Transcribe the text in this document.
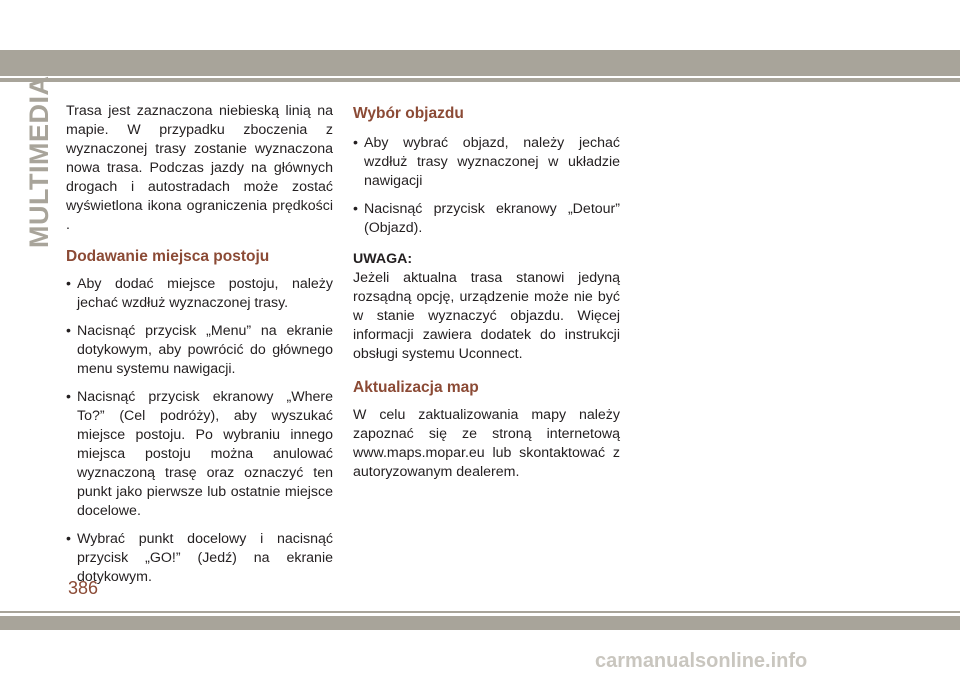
MULTIMEDIA Trasa jest zaznaczona niebieską linią na mapie. W przypadku zboczenia z wyznaczonej trasy zostanie wyznaczona nowa trasa. Podczas jazdy na głównych drogach i autostradach może zostać wyświetlona ikona ograniczenia prędkości .

Dodawanie miejsca postoju
• Aby dodać miejsce postoju, należy jechać wzdłuż wyznaczonej trasy.
• Nacisnąć przycisk „Menu” na ekranie dotykowym, aby powrócić do głównego menu systemu nawigacji.
• Nacisnąć przycisk ekranowy „Where To?” (Cel podróży), aby wyszukać miejsce postoju. Po wybraniu innego miejsca postoju można anulować wyznaczoną trasę oraz oznaczyć ten punkt jako pierwsze lub ostatnie miejsce docelowe.
• Wybrać punkt docelowy i nacisnąć przycisk „GO!” (Jedź) na ekranie dotykowym.
Wybór objazdu
• Aby wybrać objazd, należy jechać wzdłuż trasy wyznaczonej w układzie nawigacji
• Nacisnąć przycisk ekranowy „Detour” (Objazd).

UWAGA:

Jeżeli aktualna trasa stanowi jedyną rozsądną opcję, urządzenie może nie być w stanie wyznaczyć objazdu. Więcej informacji zawiera dodatek do instrukcji obsługi systemu Uconnect.

Aktualizacja map

W celu zaktualizowania mapy należy zapoznać się ze stroną internetową www.maps.mopar.eu lub skontaktować z autoryzowanym dealerem.

386
carmanualsonline.info
